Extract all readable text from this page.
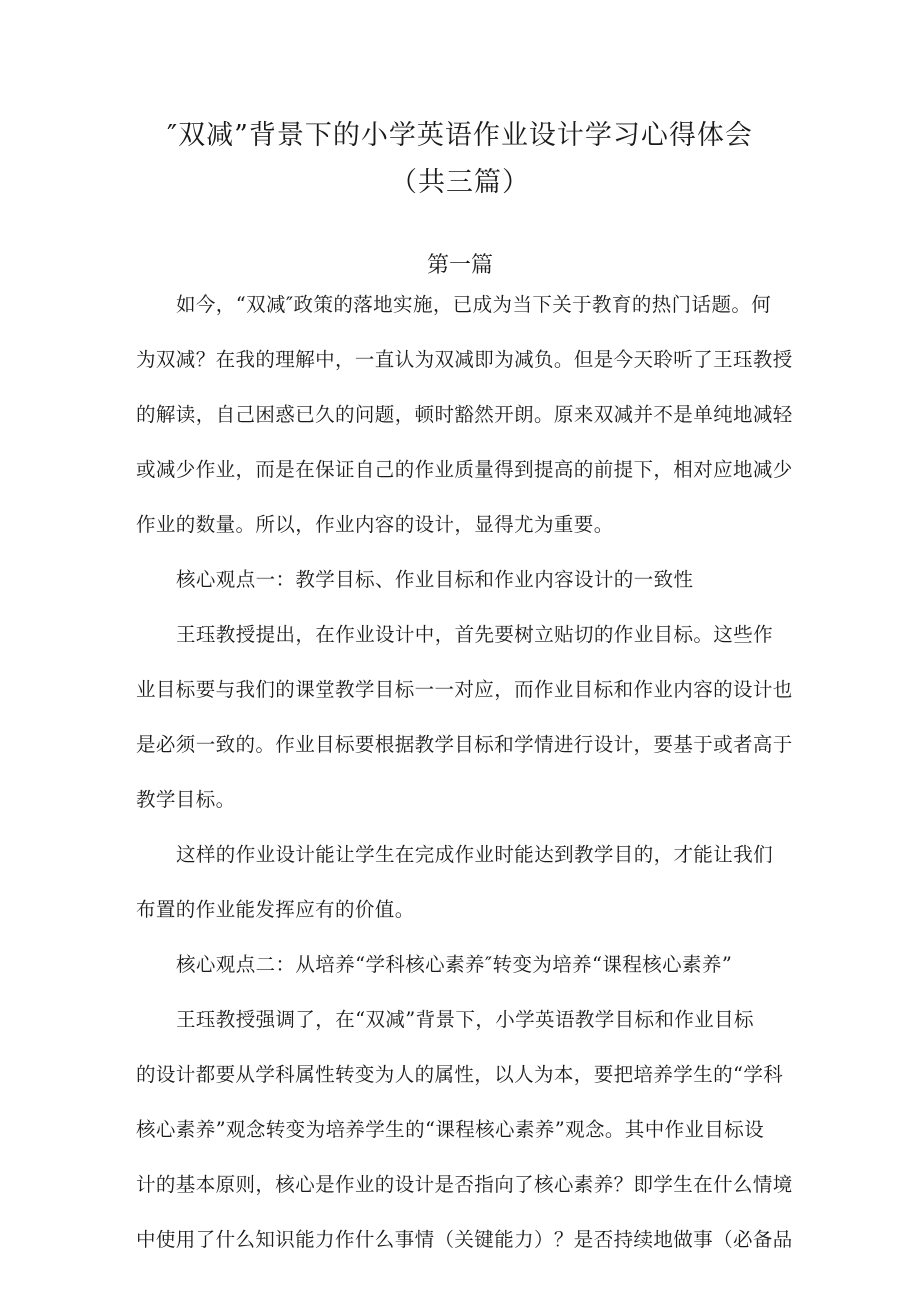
″双减”背景下的小学英语作业设计学习心得体会
（共三篇）
第一篇
如今，“双减″政策的落地实施，已成为当下关于教育的热门话题。何
为双减？在我的理解中，一直认为双减即为减负。但是今天聆听了王珏教授
的解读，自己困惑已久的问题，顿时豁然开朗。原来双减并不是单纯地减轻
或减少作业，而是在保证自己的作业质量得到提高的前提下，相对应地减少
作业的数量。所以，作业内容的设计，显得尤为重要。
核心观点一：教学目标、作业目标和作业内容设计的一致性
王珏教授提出，在作业设计中，首先要树立贴切的作业目标。这些作
业目标要与我们的课堂教学目标一一对应，而作业目标和作业内容的设计也
是必须一致的。作业目标要根据教学目标和学情进行设计，要基于或者高于
教学目标。
这样的作业设计能让学生在完成作业时能达到教学目的，才能让我们
布置的作业能发挥应有的价值。
核心观点二：从培养“学科核心素养″转变为培养“课程核心素养”
王珏教授强调了，在“双减”背景下，小学英语教学目标和作业目标
的设计都要从学科属性转变为人的属性，以人为本，要把培养学生的“学科
核心素养”观念转变为培养学生的“课程核心素养”观念。其中作业目标设
计的基本原则，核心是作业的设计是否指向了核心素养？即学生在什么情境
中使用了什么知识能力作什么事情（关键能力）？是否持续地做事（必备品
